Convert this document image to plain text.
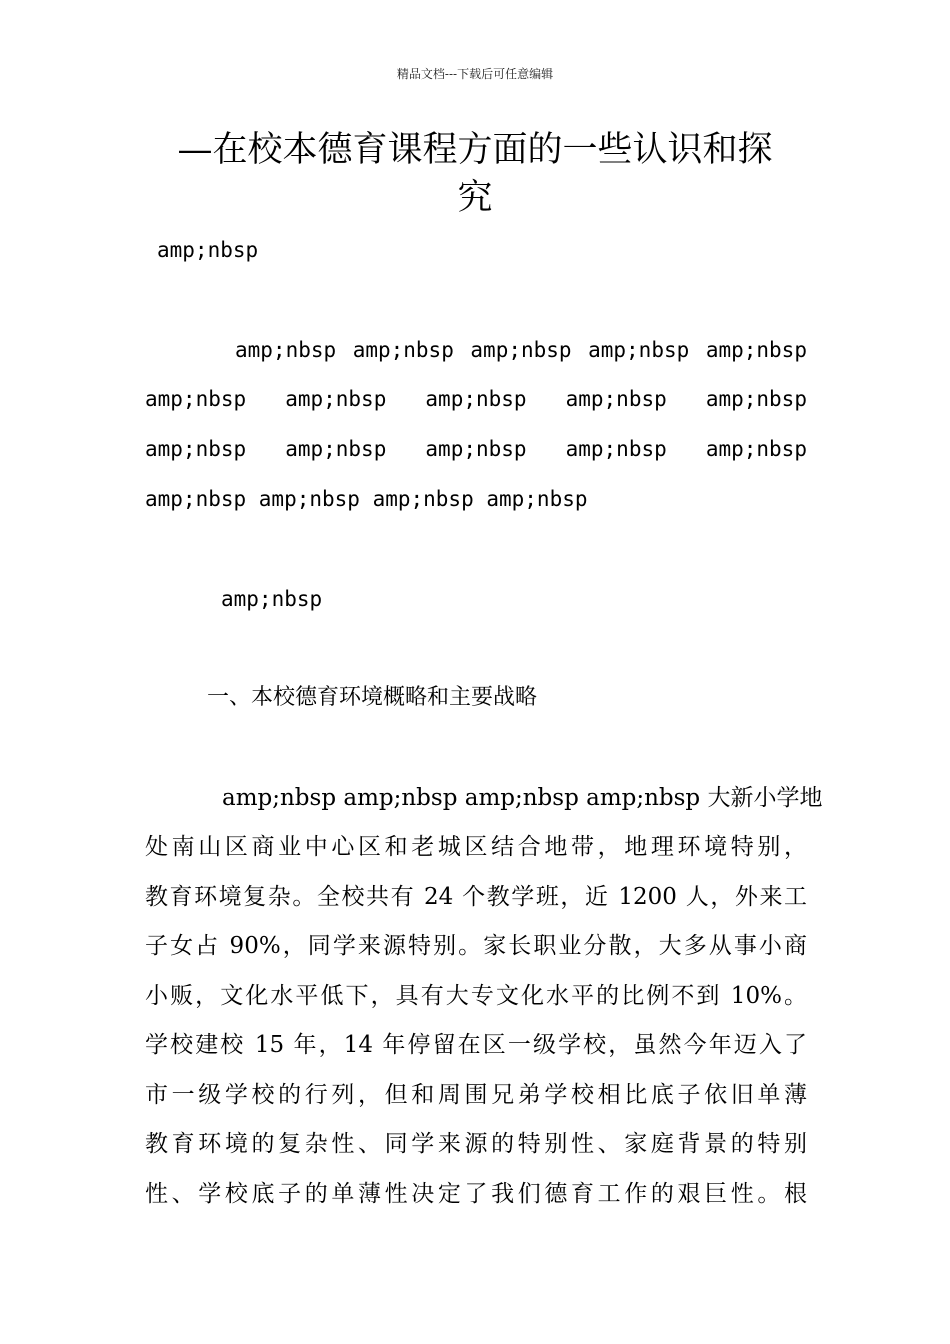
精品文档---下载后可任意编辑
—在校本德育课程方面的一些认识和探
究
amp;nbsp
amp;nbsp amp;nbsp amp;nbsp amp;nbsp amp;nbsp
amp;nbsp amp;nbsp amp;nbsp amp;nbsp amp;nbsp
amp;nbsp amp;nbsp amp;nbsp amp;nbsp amp;nbsp
amp;nbsp amp;nbsp amp;nbsp amp;nbsp
amp;nbsp
一、本校德育环境概略和主要战略
amp;nbsp amp;nbsp amp;nbsp amp;nbsp 大新小学地
处南山区商业中心区和老城区结合地带，地理环境特别，
教育环境复杂。全校共有 24 个教学班，近 1200 人，外来工
子女占 90%，同学来源特别。家长职业分散，大多从事小商
小贩，文化水平低下，具有大专文化水平的比例不到 10%。
学校建校 15 年，14 年停留在区一级学校，虽然今年迈入了
市一级学校的行列，但和周围兄弟学校相比底子依旧单薄
教育环境的复杂性、同学来源的特别性、家庭背景的特别
性、学校底子的单薄性决定了我们德育工作的艰巨性。根
